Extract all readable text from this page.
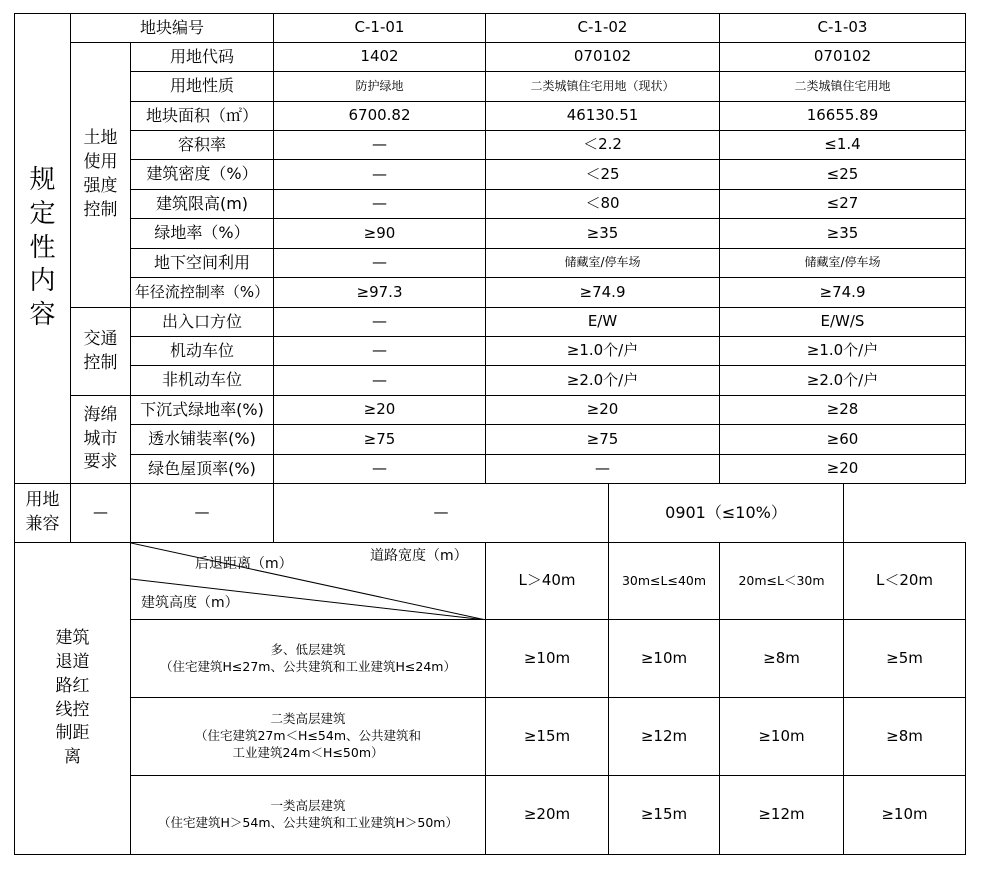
规定性内容	地块编号		C-1-01	C-1-02		C-1-03	
	土地使用强度控制	用地代码	1402	070102		070102	
		用地性质	防护绿地	二类城镇住宅用地（现状）		二类城镇住宅用地	
		地块面积（㎡）	6700.82	46130.51		16655.89	
		容积率	—	＜2.2		≤1.4	
		建筑密度（%）	—	＜25		≤25	
		建筑限高(m)	—	＜80		≤27	
		绿地率（%）	≥90	≥35		≥35	
		地下空间利用	—	储藏室/停车场		储藏室/停车场	
		年径流控制率（%）	≥97.3	≥74.9		≥74.9	
	交通控制	出入口方位	—	E/W		E/W/S	
		机动车位	—	≥1.0个/户		≥1.0个/户	
		非机动车位	—	≥2.0个/户		≥2.0个/户	
	海绵城市要求	下沉式绿地率(%)	≥20	≥20		≥28	
		透水铺装率(%)	≥75	≥75		≥60	
		绿色屋顶率(%)	—	—		≥20	
用地兼容	—	—	—		0901（≤10%）		
建筑退道路红线控制距离		道路宽度（m）
后退距离（m）
建筑高度（m）		L＞40m	30m≤L≤40m	20m≤L＜30m	L＜20m

		多、低层建筑
（住宅建筑H≤27m、公共建筑和工业建筑H≤24m）		≥10m	≥10m	≥8m	≥5m

		二类高层建筑
（住宅建筑27m＜H≤54m、公共建筑和
工业建筑24m＜H≤50m）		≥15m	≥12m	≥10m	≥8m

		一类高层建筑
（住宅建筑H＞54m、公共建筑和工业建筑H＞50m）		≥20m	≥15m	≥12m	≥10m
